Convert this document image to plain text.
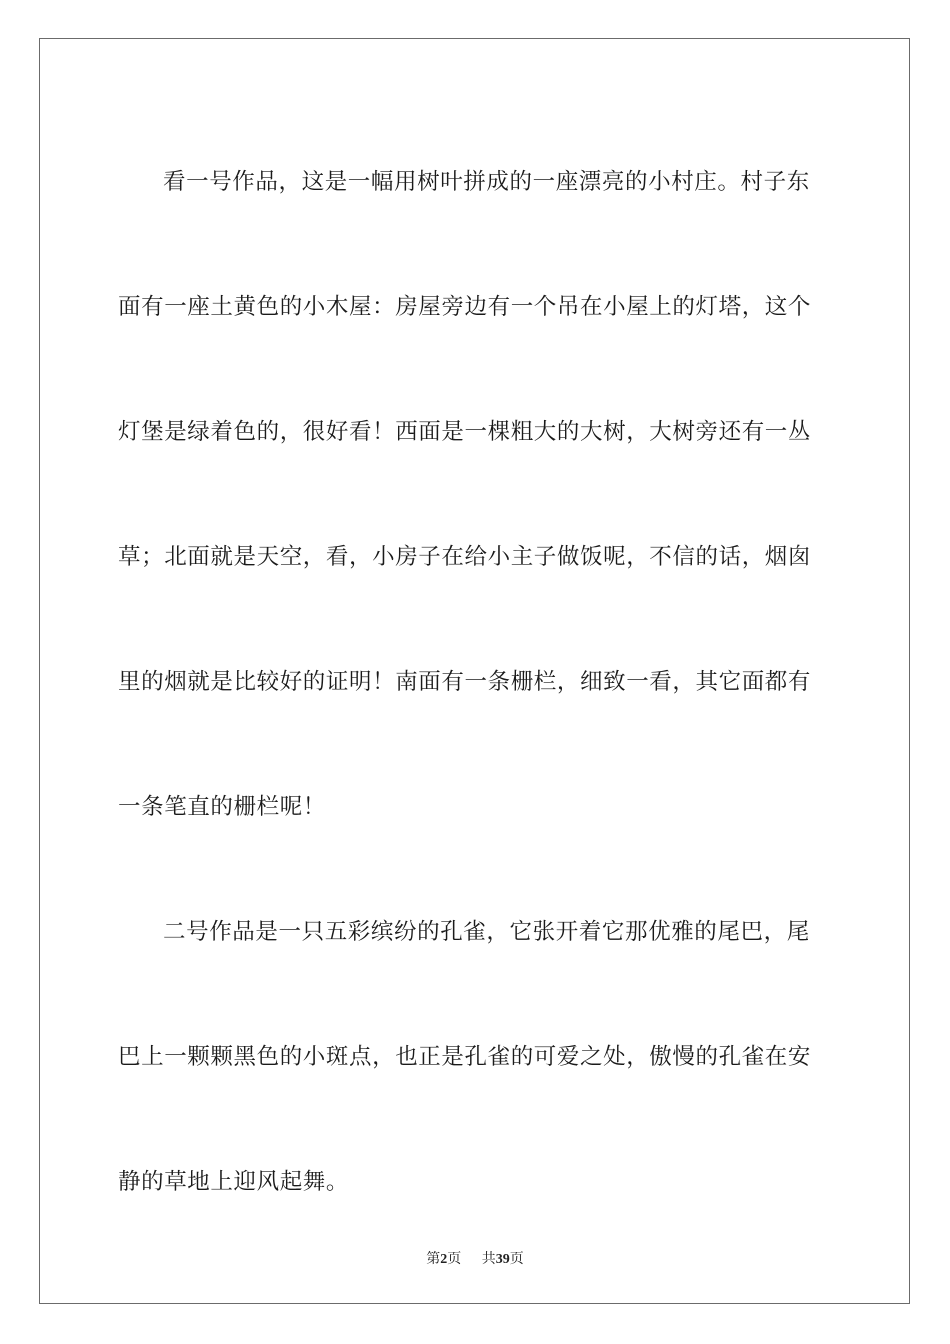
看一号作品，这是一幅用树叶拼成的一座漂亮的小村庄。村子东

面有一座土黄色的小木屋：房屋旁边有一个吊在小屋上的灯塔，这个

灯堡是绿着色的，很好看！西面是一棵粗大的大树，大树旁还有一丛

草；北面就是天空，看，小房子在给小主子做饭呢，不信的话，烟囱

里的烟就是比较好的证明！南面有一条栅栏，细致一看，其它面都有

一条笔直的栅栏呢！

二号作品是一只五彩缤纷的孔雀，它张开着它那优雅的尾巴，尾

巴上一颗颗黑色的小斑点，也正是孔雀的可爱之处，傲慢的孔雀在安

静的草地上迎风起舞。

第2页 共39页
